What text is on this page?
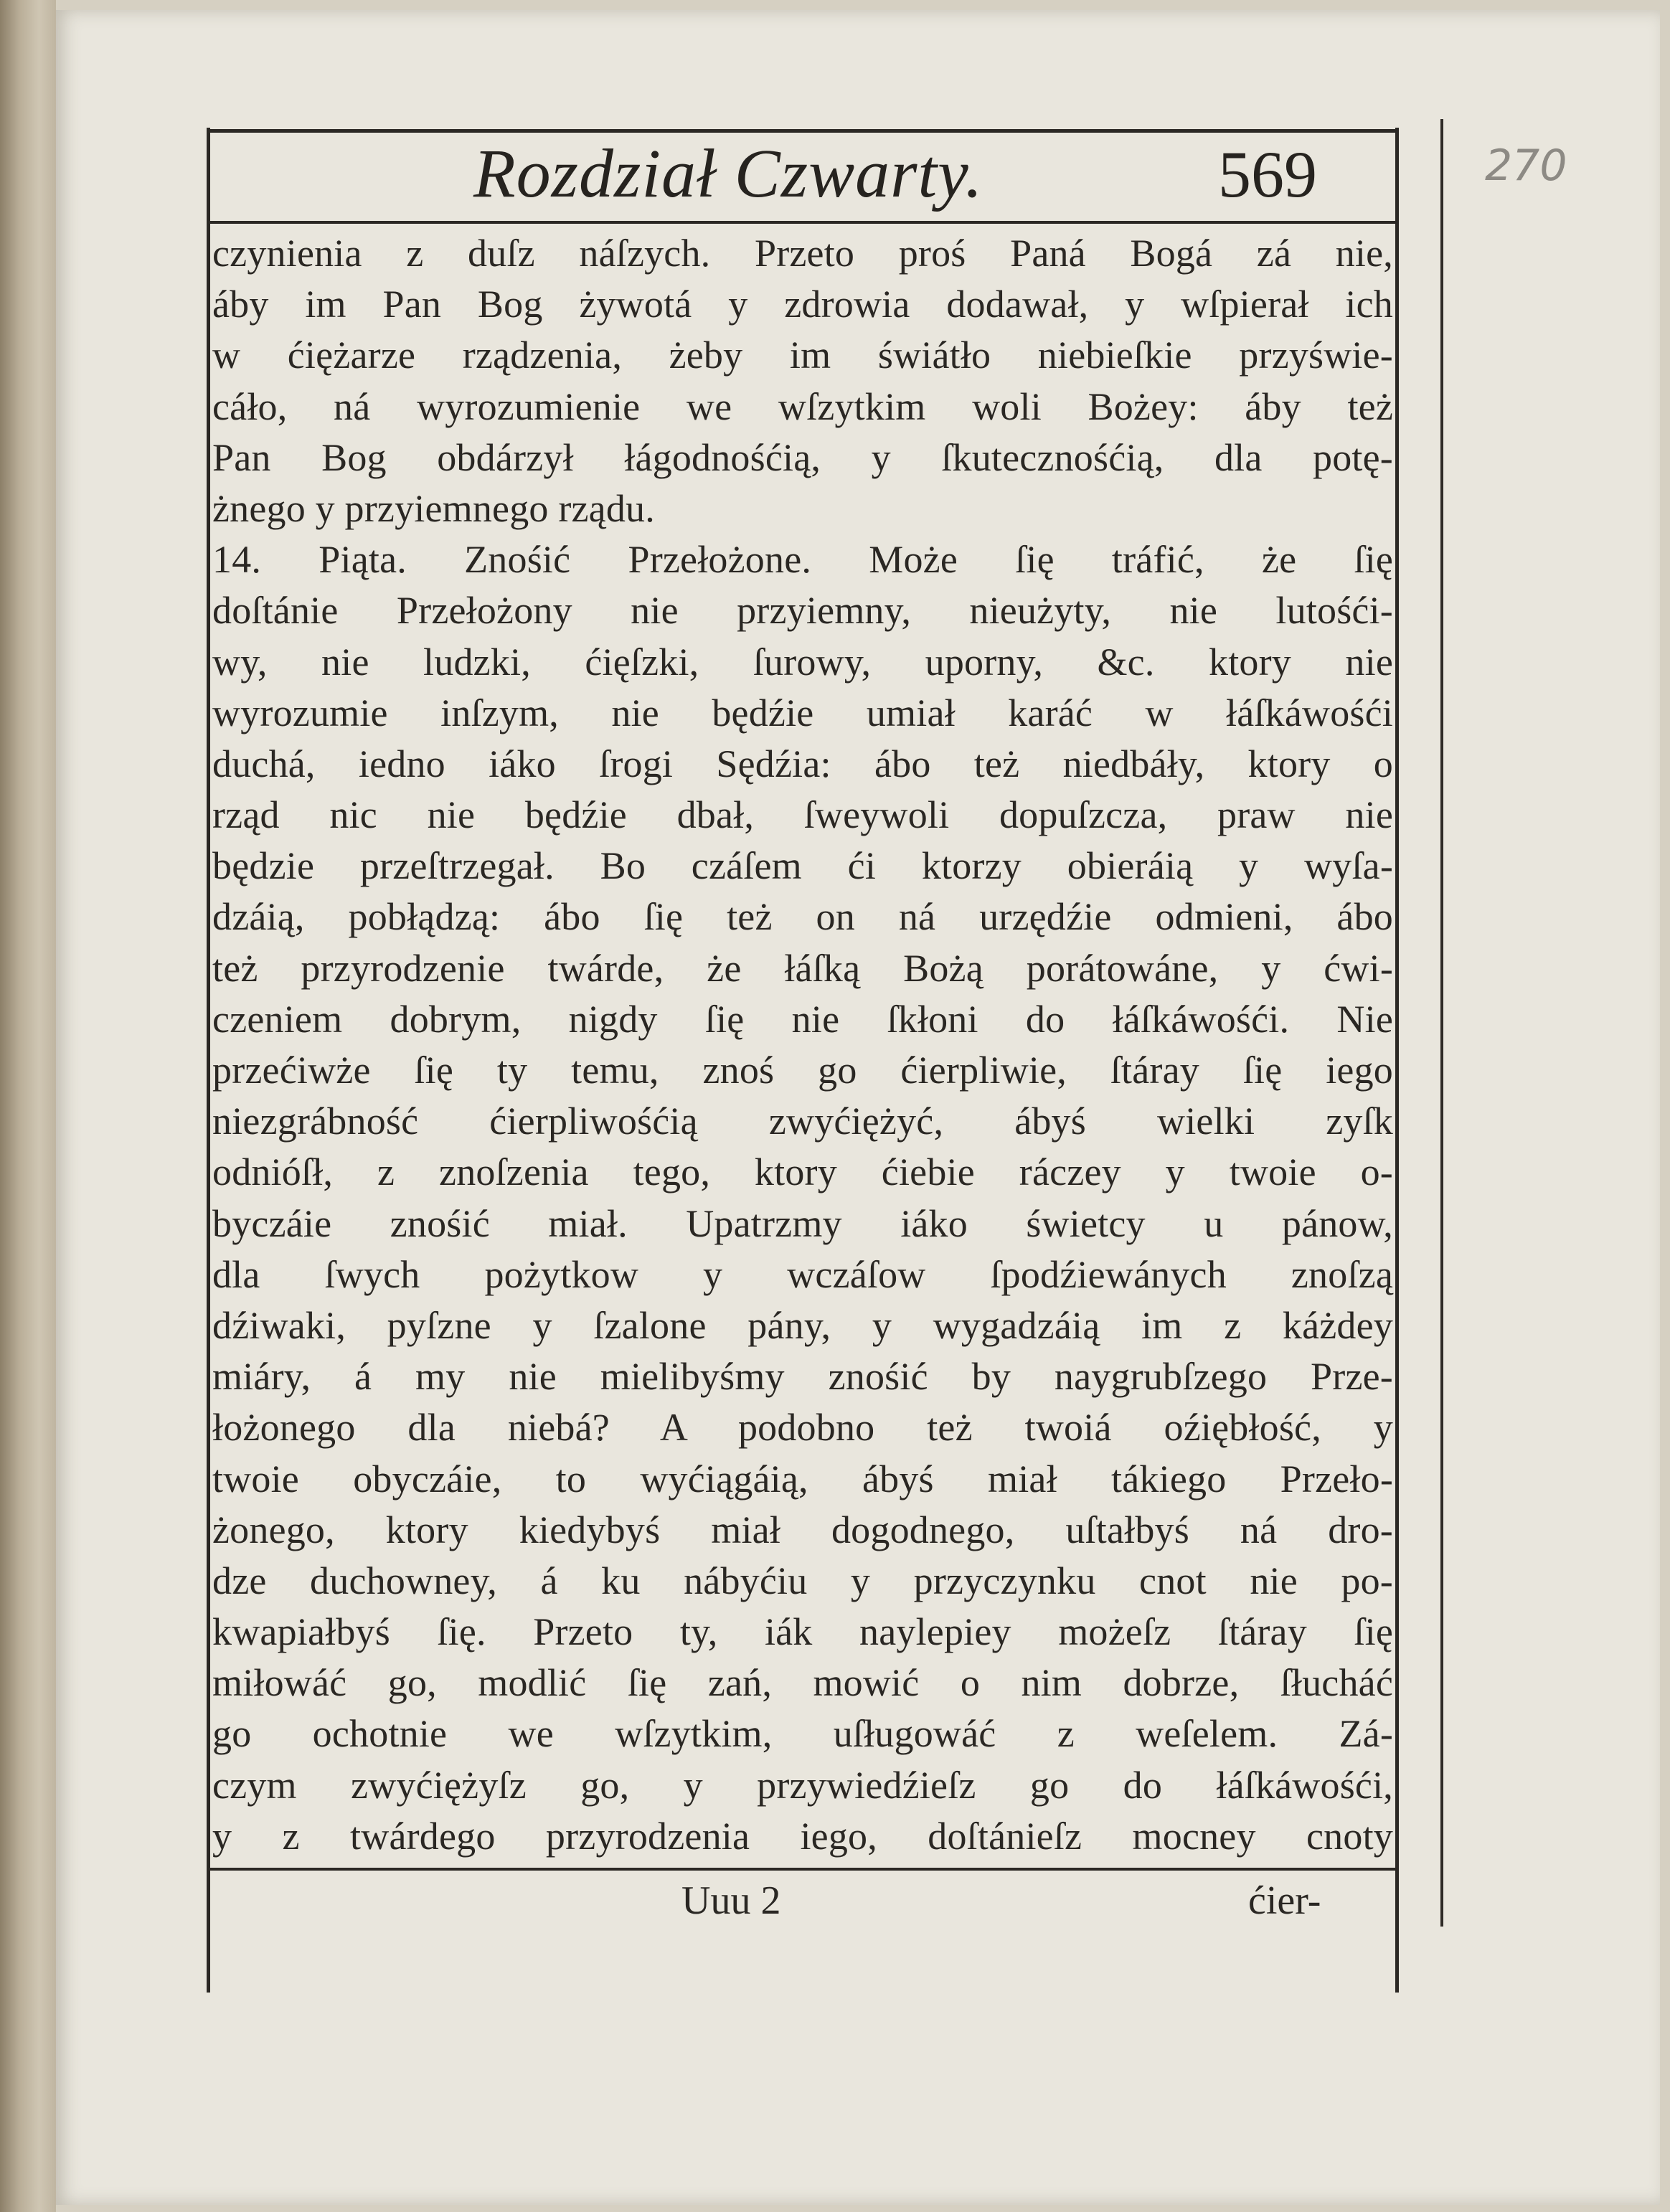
Rozdział Czwarty.	569	270
czynienia z duſz náſzych. Przeto proś Paná Bogá zá nie,
áby im Pan Bog żywotá y zdrowia dodawał, y wſpierał ich
w ćiężarze rządzenia, żeby im świátło niebieſkie przyświe-
cáło, ná wyrozumienie we wſzytkim woli Bożey: áby też
Pan Bog obdárzył łágodnośćią, y ſkutecznośćią, dla potę-
żnego y przyiemnego rządu.
14. Piąta. Znośić Przełożone. Może ſię tráfić, że ſię
doſtánie Przełożony nie przyiemny, nieużyty, nie lutośći-
wy, nie ludzki, ćięſzki, ſurowy, uporny, &c. ktory nie
wyrozumie inſzym, nie będźie umiał karáć w łáſkáwośći
duchá, iedno iáko ſrogi Sędźia: ábo też niedbáły, ktory o
rząd nic nie będźie dbał, ſweywoli dopuſzcza, praw nie
będzie przeſtrzegał. Bo czáſem ći ktorzy obieráią y wyſa-
dzáią, pobłądzą: ábo ſię też on ná urzędźie odmieni, ábo
też przyrodzenie twárde, że łáſką Bożą porátowáne, y ćwi-
czeniem dobrym, nigdy ſię nie ſkłoni do łáſkáwośći. Nie
przećiwże ſię ty temu, znoś go ćierpliwie, ſtáray ſię iego
niezgrábność ćierpliwośćią zwyćiężyć, ábyś wielki zyſk
odnióſł, z znoſzenia tego, ktory ćiebie ráczey y twoie o-
byczáie znośić miał. Upatrzmy iáko świetcy u pánow,
dla ſwych pożytkow y wczáſow ſpodźiewánych znoſzą
dźiwaki, pyſzne y ſzalone pány, y wygadzáią im z káżdey
miáry, á my nie mielibyśmy znośić by naygrubſzego Prze-
łożonego dla niebá? A podobno też twoiá oźiębłość, y
twoie obyczáie, to wyćiągáią, ábyś miał tákiego Przeło-
żonego, ktory kiedybyś miał dogodnego, uſtałbyś ná dro-
dze duchowney, á ku nábyćiu y przyczynku cnot nie po-
kwapiałbyś ſię. Przeto ty, iák naylepiey możeſz ſtáray ſię
miłowáć go, modlić ſię zań, mowić o nim dobrze, ſłucháć
go ochotnie we wſzytkim, uſługowáć z weſelem. Zá-
czym zwyćiężyſz go, y przywiedźieſz go do łáſkáwośći,
y z twárdego przyrodzenia iego, doſtánieſz mocney cnoty
Uuu 2	ćier-
